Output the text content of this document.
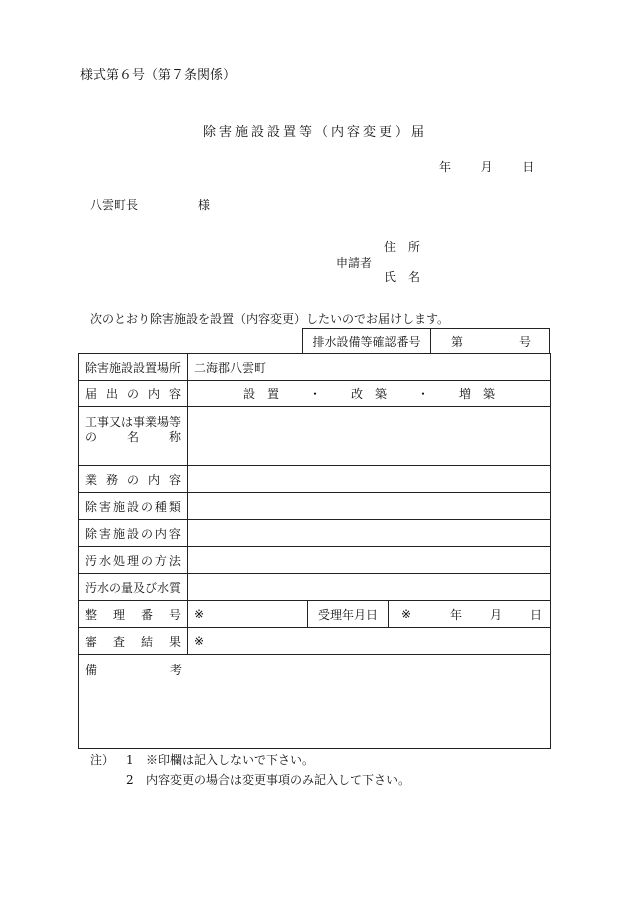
様式第６号（第７条関係）
除害施設設置等（内容変更）届
年 月 日
八雲町長	様
住 所
申請者
氏 名
次のとおり除害施設を設置（内容変更）したいのでお届けします。
排水設備等確認番号	第	号
除害施設設置場所	二海郡八雲町
届 出 の 内 容	設　置	・	改　築	・	増　築
工事又は事業場等
の 名 称
業 務 の 内 容
除 害 施 設 の 種 類
除 害 施 設 の 内 容
汚 水 処 理 の 方 法
汚水の量及び水質
整 理 番 号	※	受理年月日	※	年 月 日
審 査 結 果	※
備	考
注） 1 ※印欄は記入しないで下さい。
2 内容変更の場合は変更事項のみ記入して下さい。
